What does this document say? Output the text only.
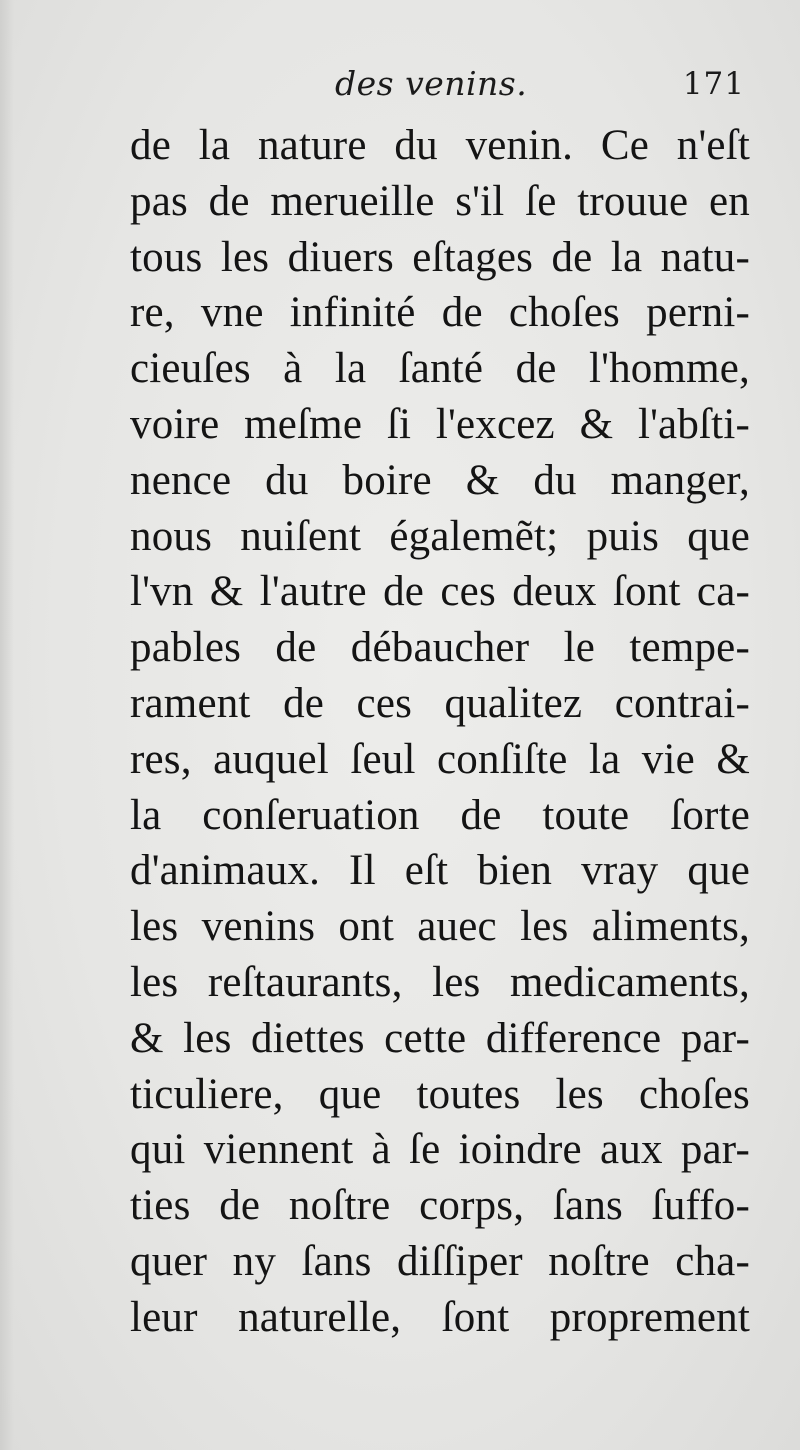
des venins.	171
de la nature du venin. Ce n'eſt
pas de merueille s'il ſe trouue en
tous les diuers eſtages de la natu-
re, vne infinité de choſes perni-
cieuſes à la ſanté de l'homme,
voire meſme ſi l'excez & l'abſti-
nence du boire & du manger,
nous nuiſent égalemẽt; puis que
l'vn & l'autre de ces deux ſont ca-
pables de débaucher le tempe-
rament de ces qualitez contrai-
res, auquel ſeul conſiſte la vie &
la conſeruation de toute ſorte
d'animaux. Il eſt bien vray que
les venins ont auec les aliments,
les reſtaurants, les medicaments,
& les diettes cette difference par-
ticuliere, que toutes les choſes
qui viennent à ſe ioindre aux par-
ties de noſtre corps, ſans ſuffo-
quer ny ſans diſſiper noſtre cha-
leur naturelle, ſont proprement
